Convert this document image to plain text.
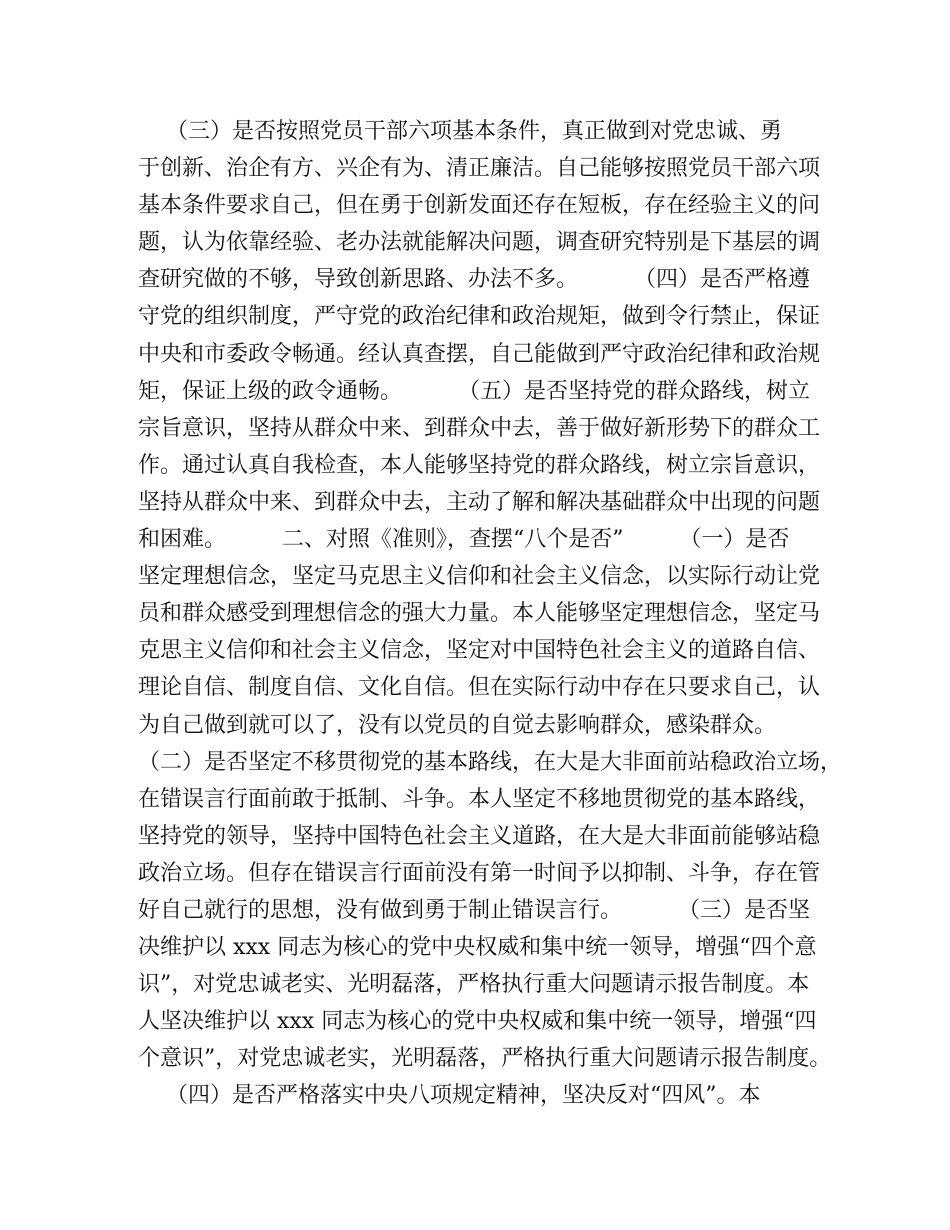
（三）是否按照党员干部六项基本条件，真正做到对党忠诚、勇
于创新、治企有方、兴企有为、清正廉洁。自己能够按照党员干部六项
基本条件要求自己，但在勇于创新发面还存在短板，存在经验主义的问
题，认为依靠经验、老办法就能解决问题，调查研究特别是下基层的调
查研究做的不够，导致创新思路、办法不多。        （四）是否严格遵
守党的组织制度，严守党的政治纪律和政治规矩，做到令行禁止，保证
中央和市委政令畅通。经认真查摆，自己能做到严守政治纪律和政治规
矩，保证上级的政令通畅。        （五）是否坚持党的群众路线，树立
宗旨意识，坚持从群众中来、到群众中去，善于做好新形势下的群众工
作。通过认真自我检查，本人能够坚持党的群众路线，树立宗旨意识，
坚持从群众中来、到群众中去，主动了解和解决基础群众中出现的问题
和困难。        二、对照《准则》，查摆“八个是否”        （一）是否
坚定理想信念，坚定马克思主义信仰和社会主义信念，以实际行动让党
员和群众感受到理想信念的强大力量。本人能够坚定理想信念，坚定马
克思主义信仰和社会主义信念，坚定对中国特色社会主义的道路自信、
理论自信、制度自信、文化自信。但在实际行动中存在只要求自己，认
为自己做到就可以了，没有以党员的自觉去影响群众，感染群众。
（二）是否坚定不移贯彻党的基本路线，在大是大非面前站稳政治立场，
在错误言行面前敢于抵制、斗争。本人坚定不移地贯彻党的基本路线，
坚持党的领导，坚持中国特色社会主义道路，在大是大非面前能够站稳
政治立场。但存在错误言行面前没有第一时间予以抑制、斗争，存在管
好自己就行的思想，没有做到勇于制止错误言行。        （三）是否坚
决维护以 xxx 同志为核心的党中央权威和集中统一领导，增强“四个意
识”，对党忠诚老实、光明磊落，严格执行重大问题请示报告制度。本
人坚决维护以 xxx 同志为核心的党中央权威和集中统一领导，增强“四
个意识”，对党忠诚老实，光明磊落，严格执行重大问题请示报告制度。
（四）是否严格落实中央八项规定精神，坚决反对“四风”。本
